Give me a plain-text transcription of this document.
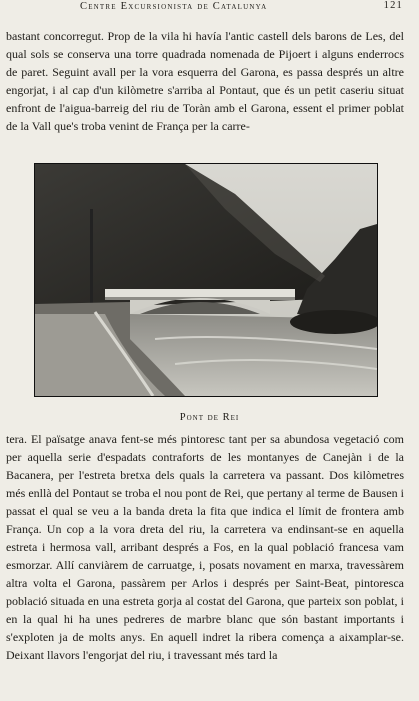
Centre Excursionista de Catalunya	121
bastant concorregut. Prop de la vila hi havía l'antic castell dels barons de Les, del qual sols se conserva una torre quadrada nomenada de Pijoert i alguns enderrocs de paret. Seguint avall per la vora esquerra del Garona, es passa després un altre engorjat, i al cap d'un kilòmetre s'arriba al Pontaut, que és un petit caseriu situat enfront de l'aigua-barreig del riu de Toràn amb el Garona, essent el primer poblat de la Vall que's troba venint de França per la carre-
Pont de Rei
tera. El païsatge anava fent-se més pintoresc tant per sa abundosa vegetació com per aquella serie d'espadats contraforts de les montanyes de Canejàn i de la Bacanera, per l'estreta bretxa dels quals la carretera va passant. Dos kilòmetres més enllà del Pontaut se troba el nou pont de Rei, que pertany al terme de Bausen i passat el qual se veu a la banda dreta la fita que indica el límit de frontera amb França. Un cop a la vora dreta del riu, la carretera va endinsant-se en aquella estreta i hermosa vall, arribant després a Fos, en la qual població francesa vam esmorzar. Allí canviàrem de carruatge, i, posats novament en marxa, travessàrem altra volta el Garona, passàrem per Arlos i després per Saint-Beat, pintoresca població situada en una estreta gorja al costat del Garona, que parteix son poblat, i en la qual hi ha unes pedreres de marbre blanc que són bastant importants i s'exploten ja de molts anys. En aquell indret la ribera comença a aixamplar-se. Deixant llavors l'engorjat del riu, i travessant més tard la
